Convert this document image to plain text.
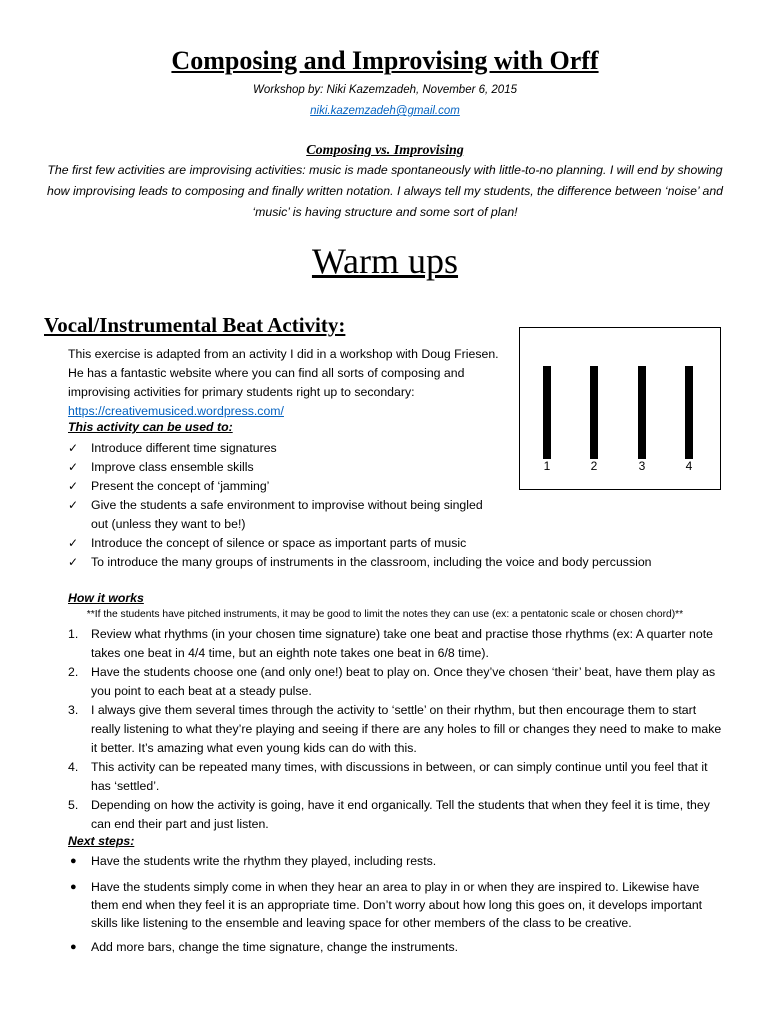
Composing and Improvising with Orff
Workshop by: Niki Kazemzadeh, November 6, 2015
niki.kazemzadeh@gmail.com
Composing vs. Improvising

The first few activities are improvising activities: music is made spontaneously with little-to-no planning. I will end by showing how improvising leads to composing and finally written notation. I always tell my students, the difference between ‘noise’ and ‘music’ is having structure and some sort of plan!

Warm ups
Vocal/Instrumental Beat Activity:
1	2	3	4

This exercise is adapted from an activity I did in a workshop with Doug Friesen. He has a fantastic website where you can find all sorts of composing and improvising activities for primary students right up to secondary: https://creativemusiced.wordpress.com/

This activity can be used to:
✓ Introduce different time signatures
✓ Improve class ensemble skills
✓ Present the concept of ‘jamming’
✓ Give the students a safe environment to improvise without being singled out (unless they want to be!)
✓ Introduce the concept of silence or space as important parts of music
✓ To introduce the many groups of instruments in the classroom, including the voice and body percussion
How it works
**If the students have pitched instruments, it may be good to limit the notes they can use (ex: a pentatonic scale or chosen chord)**
1. Review what rhythms (in your chosen time signature) take one beat and practise those rhythms (ex: A quarter note takes one beat in 4/4 time, but an eighth note takes one beat in 6/8 time).
2. Have the students choose one (and only one!) beat to play on. Once they’ve chosen ‘their’ beat, have them play as you point to each beat at a steady pulse.
3. I always give them several times through the activity to ‘settle’ on their rhythm, but then encourage them to start really listening to what they’re playing and seeing if there are any holes to fill or changes they need to make to make it better. It’s amazing what even young kids can do with this.
4. This activity can be repeated many times, with discussions in between, or can simply continue until you feel that it has ‘settled’.
5. Depending on how the activity is going, have it end organically. Tell the students that when they feel it is time, they can end their part and just listen.
Next steps:
● Have the students write the rhythm they played, including rests.
● Have the students simply come in when they hear an area to play in or when they are inspired to. Likewise have them end when they feel it is an appropriate time. Don’t worry about how long this goes on, it develops important skills like listening to the ensemble and leaving space for other members of the class to be creative.
● Add more bars, change the time signature, change the instruments.
